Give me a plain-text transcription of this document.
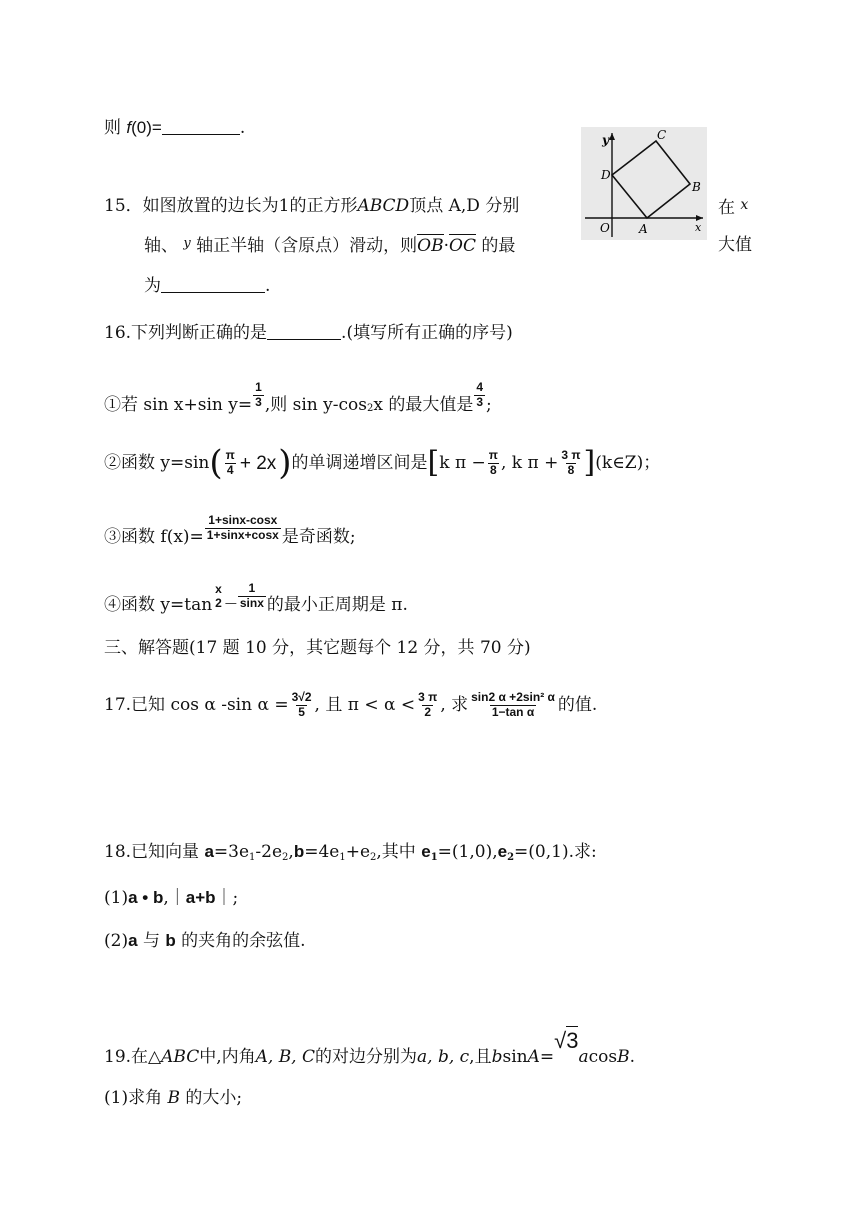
则 f(0)=	.
15．如图放置的边长为1的正方形ABCD顶点 A,D 分别	在 $^x$
轴、 $^y$ 轴正半轴（含原点）滑动，则OB·OC 的最	大值
为	.
y
x
O A
B
C
D
16.下列判断正确的是	.(填写所有正确的序号)
①若 sin x+sin $y= \frac{1}{3}$ ,则 sin y-cos 2 x 的最大值是 $\frac{4}{3}$ ;
②函数 y=sin ( $\frac{\pi}{4} + 2x$ ) 的单调递增区间是 [ k $\pi - \frac{\pi}{8}$ , k $\pi + \frac{3 \pi}{8}$ ] (k∈Z)；
③函数 $f(x)= \frac{1+\sin x-\cos x}{1+\sin x+\cos x}$ 是奇函数;
④函数 y=tan
x
2 — $\frac{1}{\sin x}$ 的最小正周期是 π.
三、解答题(17 题 10 分，其它题每个 12 分，共 70 分)
17.已知 cos α -sin $\alpha = \frac{3√2}{5}$ , 且 $\pi < \alpha < \frac{3 \pi}{2}$ , 求 $\frac{\text{sin2 α +2sin² α}}{\text{1−tan α}}$ 的值.
18.已知向量 $a=3e_1-2e_2,b=4e_1+e_2$,其中 $e_1=(1,0),e_2=(0,1)$.求:
(1)a • b,｜a+b｜;
(2)a 与 b 的夹角的余弦值.
19.在△ ABC 中,内角 A, B, C 的对边分别为 a, b, c ,且 b sin A =
√3
a cos B .
(1)求角 B 的大小;
